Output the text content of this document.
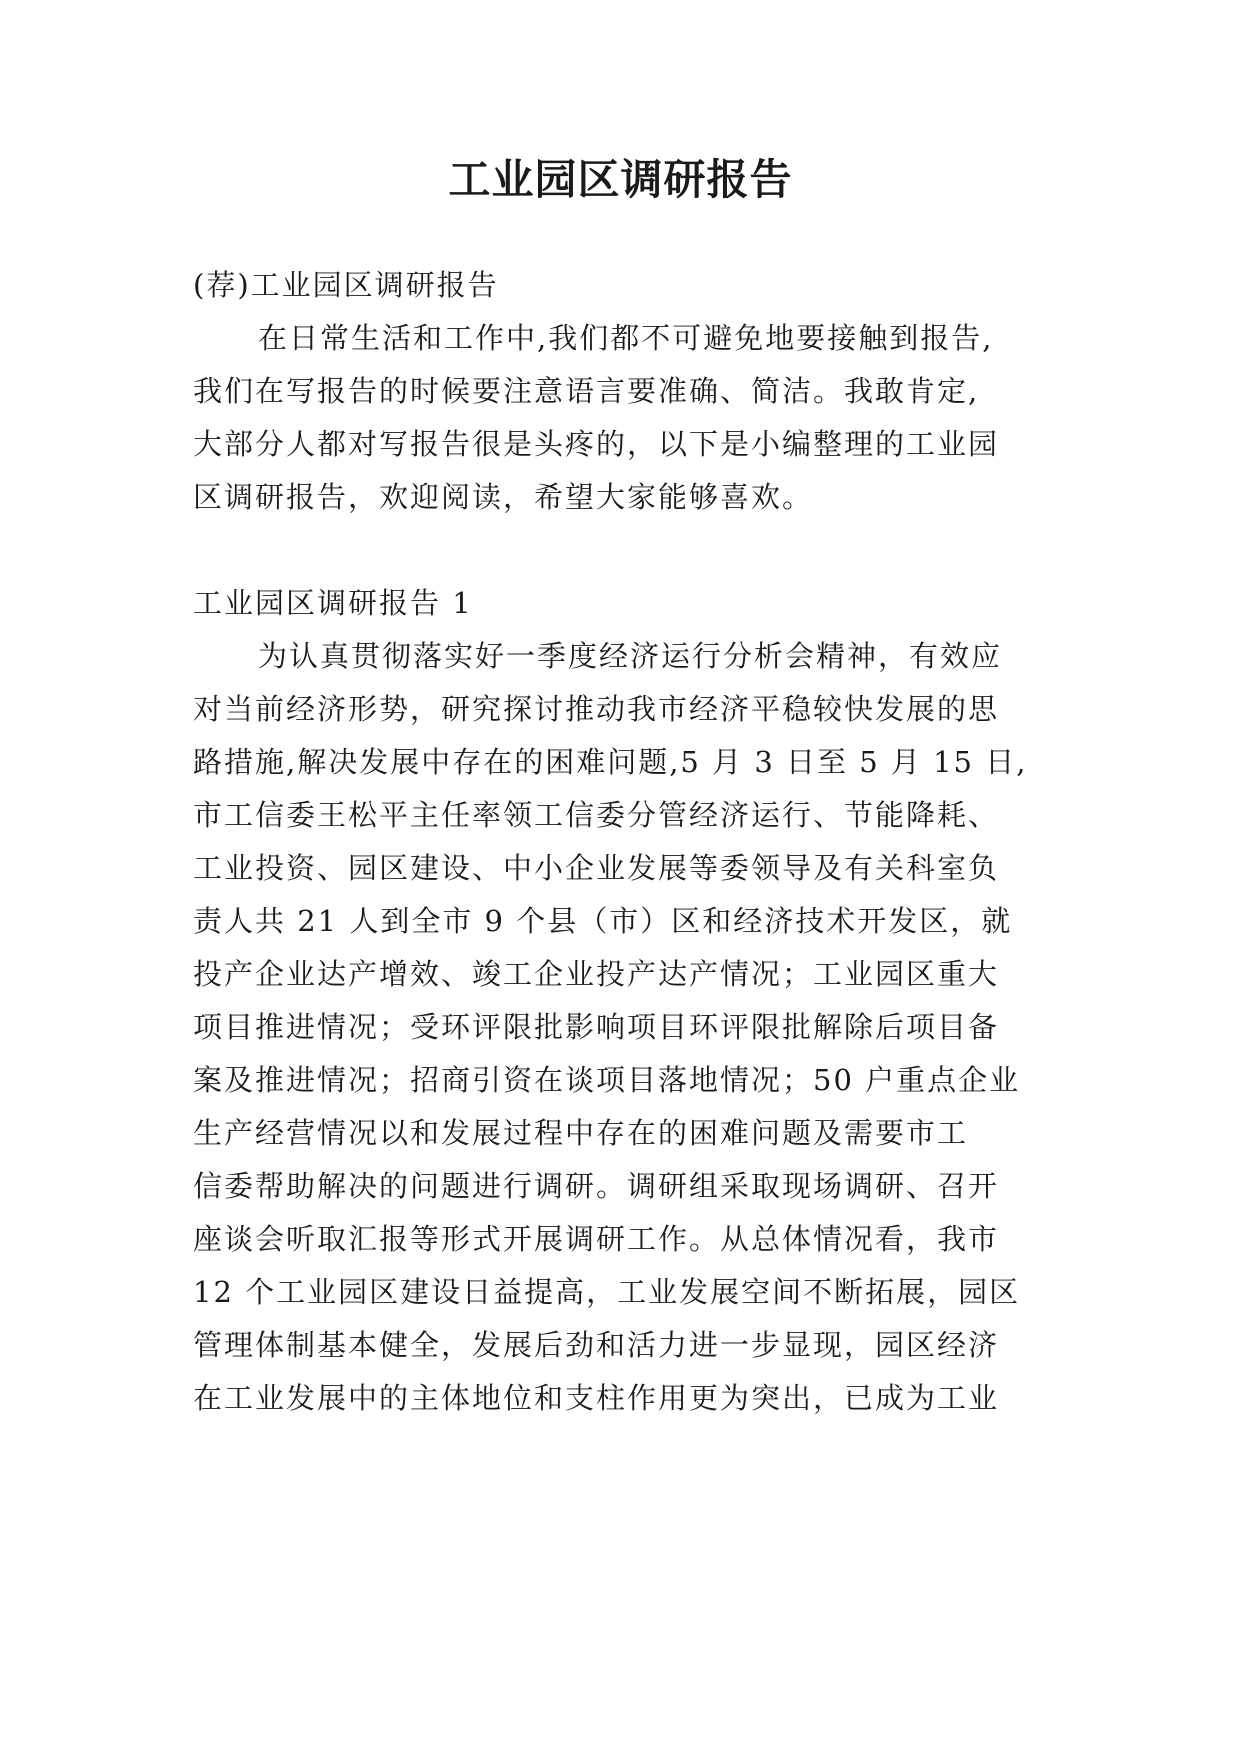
工业园区调研报告

(荐)工业园区调研报告

在日常生活和工作中,我们都不可避免地要接触到报告,

我们在写报告的时候要注意语言要准确、简洁。我敢肯定,

大部分人都对写报告很是头疼的，以下是小编整理的工业园

区调研报告，欢迎阅读，希望大家能够喜欢。

工业园区调研报告 1

为认真贯彻落实好一季度经济运行分析会精神，有效应

对当前经济形势，研究探讨推动我市经济平稳较快发展的思

路措施,解决发展中存在的困难问题,5 月 3 日至 5 月 15 日,

市工信委王松平主任率领工信委分管经济运行、节能降耗、

工业投资、园区建设、中小企业发展等委领导及有关科室负

责人共 21 人到全市 9 个县（市）区和经济技术开发区，就

投产企业达产增效、竣工企业投产达产情况；工业园区重大

项目推进情况；受环评限批影响项目环评限批解除后项目备

案及推进情况；招商引资在谈项目落地情况；50 户重点企业

生产经营情况以和发展过程中存在的困难问题及需要市工

信委帮助解决的问题进行调研。调研组采取现场调研、召开

座谈会听取汇报等形式开展调研工作。从总体情况看，我市

12 个工业园区建设日益提高，工业发展空间不断拓展，园区

管理体制基本健全，发展后劲和活力进一步显现，园区经济

在工业发展中的主体地位和支柱作用更为突出，已成为工业
